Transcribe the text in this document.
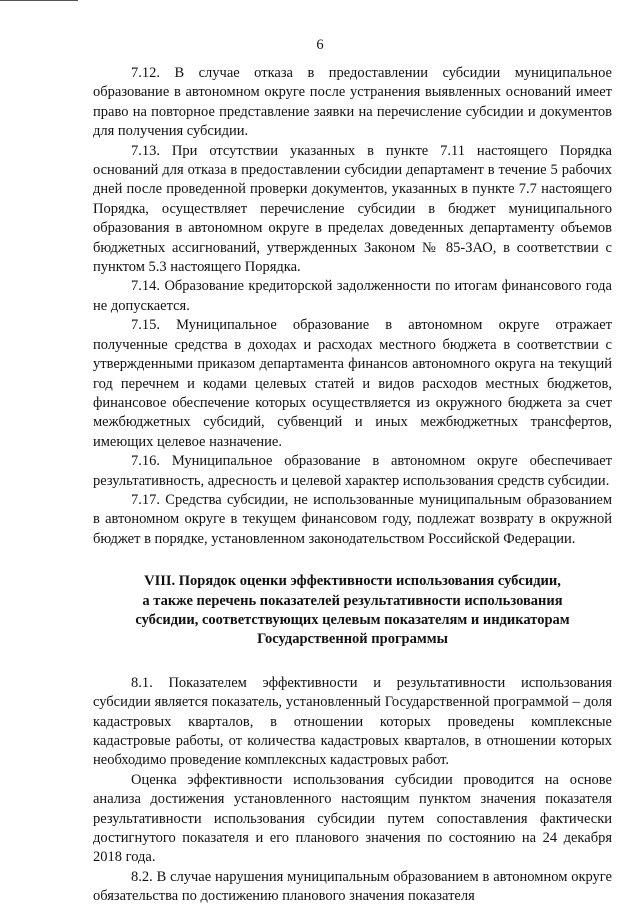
6

7.12. В случае отказа в предоставлении субсидии муниципальное образование в автономном округе после устранения выявленных оснований имеет право на повторное представление заявки на перечисление субсидии и документов для получения субсидии.

7.13. При отсутствии указанных в пункте 7.11 настоящего Порядка оснований для отказа в предоставлении субсидии департамент в течение 5 рабочих дней после проведенной проверки документов, указанных в пункте 7.7 настоящего Порядка, осуществляет перечисление субсидии в бюджет муниципального образования в автономном округе в пределах доведенных департаменту объемов бюджетных ассигнований, утвержденных Законом № 85-ЗАО, в соответствии с пунктом 5.3 настоящего Порядка.

7.14. Образование кредиторской задолженности по итогам финансового года не допускается.

7.15. Муниципальное образование в автономном округе отражает полученные средства в доходах и расходах местного бюджета в соответствии с утвержденными приказом департамента финансов автономного округа на текущий год перечнем и кодами целевых статей и видов расходов местных бюджетов, финансовое обеспечение которых осуществляется из окружного бюджета за счет межбюджетных субсидий, субвенций и иных межбюджетных трансфертов, имеющих целевое назначение.

7.16. Муниципальное образование в автономном округе обеспечивает результативность, адресность и целевой характер использования средств субсидии.

7.17. Средства субсидии, не использованные муниципальным образованием в автономном округе в текущем финансовом году, подлежат возврату в окружной бюджет в порядке, установленном законодательством Российской Федерации.

VIII. Порядок оценки эффективности использования субсидии,
а также перечень показателей результативности использования
субсидии, соответствующих целевым показателям и индикаторам
Государственной программы

8.1. Показателем эффективности и результативности использования субсидии является показатель, установленный Государственной программой – доля кадастровых кварталов, в отношении которых проведены комплексные кадастровые работы, от количества кадастровых кварталов, в отношении которых необходимо проведение комплексных кадастровых работ.

Оценка эффективности использования субсидии проводится на основе анализа достижения установленного настоящим пунктом значения показателя результативности использования субсидии путем сопоставления фактически достигнутого показателя и его планового значения по состоянию на 24 декабря 2018 года.

8.2. В случае нарушения муниципальным образованием в автономном округе обязательства по достижению планового значения показателя
